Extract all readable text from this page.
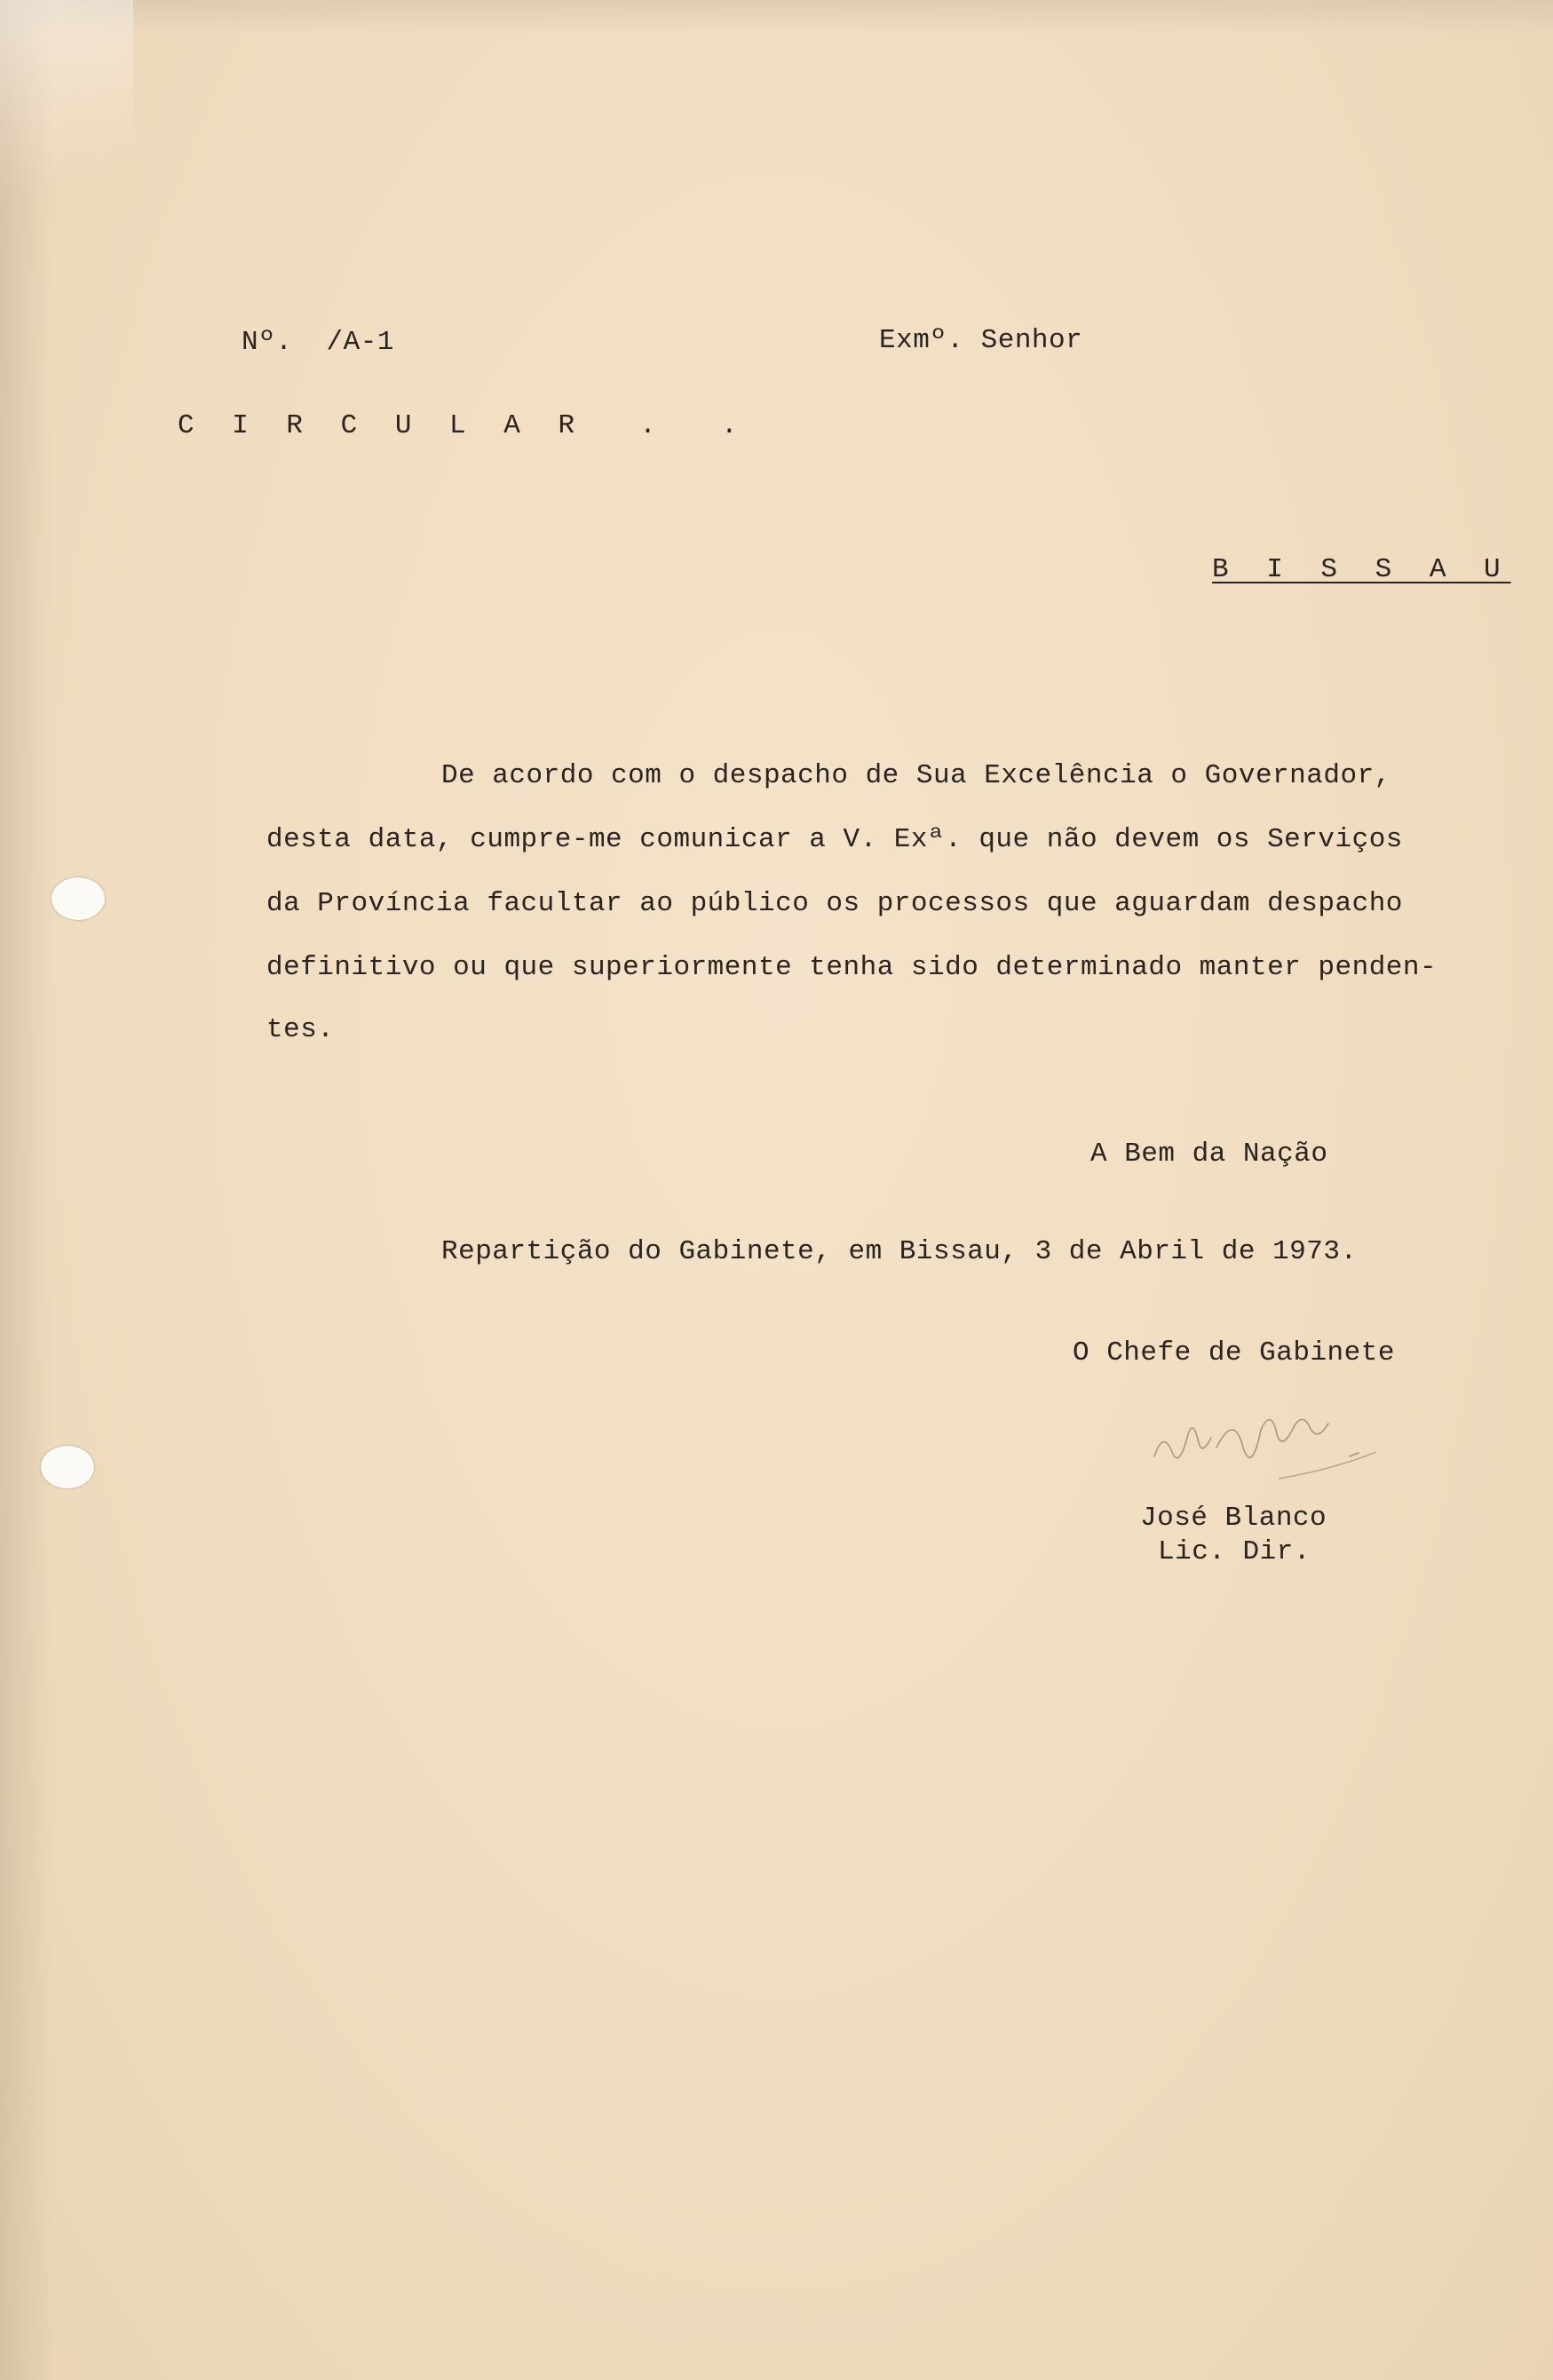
Nº.  /A-1	Exmº. Senhor
C I R C U L A R  .  .
B I S S A U
De acordo com o despacho de Sua Excelência o Governador,
desta data, cumpre-me comunicar a V. Exª. que não devem os Serviços
da Província facultar ao público os processos que aguardam despacho
definitivo ou que superiormente tenha sido determinado manter penden-
tes.
A Bem da Nação
Repartição do Gabinete, em Bissau, 3 de Abril de 1973.
O Chefe de Gabinete
José Blanco
Lic. Dir.
